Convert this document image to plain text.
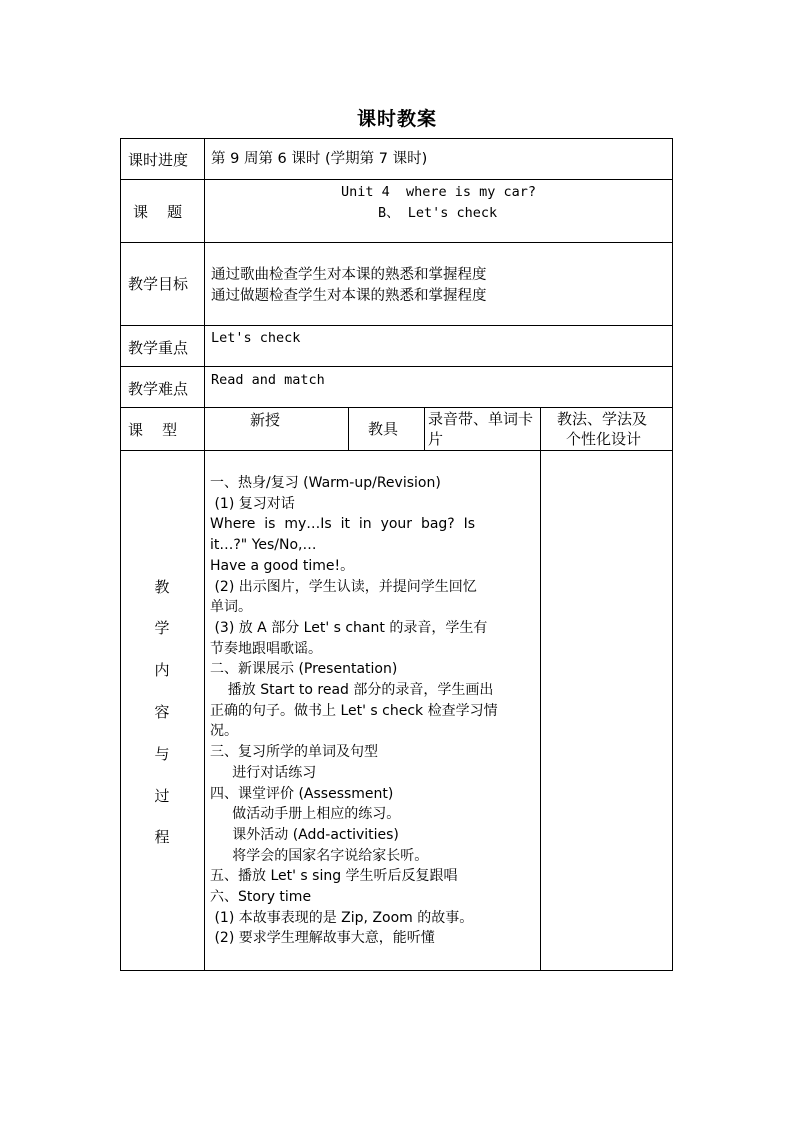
课时教案
课时进度
课    题
教学目标
教学重点
教学难点
课    型
第 9 周第 6 课时 (学期第 7 课时)
Unit 4  where is my car?
B、 Let's check
通过歌曲检查学生对本课的熟悉和掌握程度
通过做题检查学生对本课的熟悉和掌握程度
Let's check
Read and match
新授	教具
录音带、单词卡
片
教法、学法及
个性化设计
教
学
内
容
与
过
程
一、热身/复习 (Warm-up/Revision)
(1) 复习对话
Where  is  my…Is  it  in  your  bag?  Is
it…?" Yes/No,…
Have a good time!。
(2) 出示图片，学生认读，并提问学生回忆
单词。
(3) 放 A 部分 Let' s chant 的录音，学生有
节奏地跟唱歌谣。
二、新课展示 (Presentation)
播放 Start to read 部分的录音，学生画出
正确的句子。做书上 Let' s check 检查学习情
况。
三、复习所学的单词及句型
进行对话练习
四、课堂评价 (Assessment)
做活动手册上相应的练习。
课外活动 (Add-activities)
将学会的国家名字说给家长听。
五、播放 Let' s sing 学生听后反复跟唱
六、Story time
(1) 本故事表现的是 Zip, Zoom 的故事。
(2) 要求学生理解故事大意，能听懂
